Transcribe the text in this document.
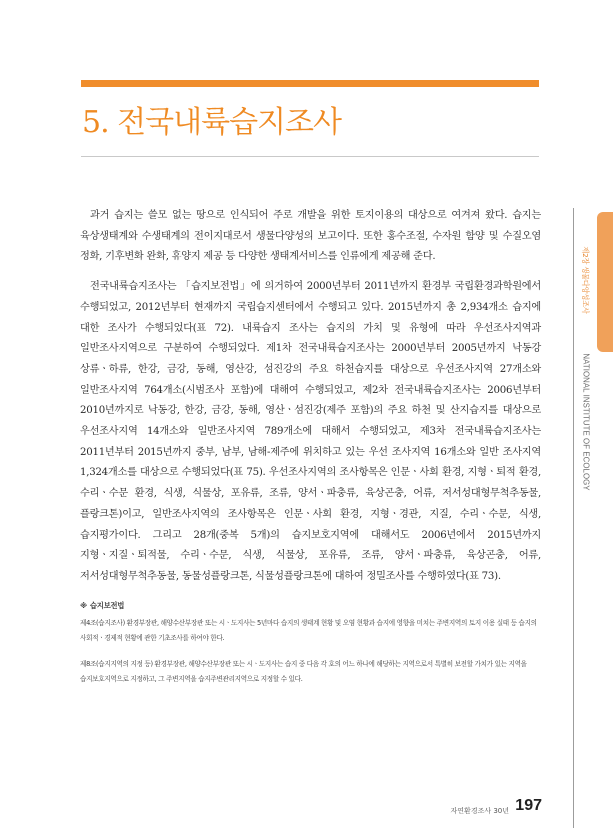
5. 전국내륙습지조사

과거 습지는 쓸모 없는 땅으로 인식되어 주로 개발을 위한 토지이용의 대상으로 여겨져 왔다. 습지는 육상생태계와 수생태계의 전이지대로서 생물다양성의 보고이다. 또한 홍수조절, 수자원 함양 및 수질오염 정화, 기후변화 완화, 휴양지 제공 등 다양한 생태계서비스를 인류에게 제공해 준다.

전국내륙습지조사는 「습지보전법」에 의거하여 2000년부터 2011년까지 환경부 국립환경과학원에서 수행되었고, 2012년부터 현재까지 국립습지센터에서 수행되고 있다. 2015년까지 총 2,934개소 습지에 대한 조사가 수행되었다(표 72). 내륙습지 조사는 습지의 가치 및 유형에 따라 우선조사지역과 일반조사지역으로 구분하여 수행되었다. 제1차 전국내륙습지조사는 2000년부터 2005년까지 낙동강 상류ㆍ하류, 한강, 금강, 동해, 영산강, 섬진강의 주요 하천습지를 대상으로 우선조사지역 27개소와 일반조사지역 764개소(시범조사 포함)에 대해여 수행되었고, 제2차 전국내륙습지조사는 2006년부터 2010년까지로 낙동강, 한강, 금강, 동해, 영산ㆍ섬진강(제주 포함)의 주요 하천 및 산지습지를 대상으로 우선조사지역 14개소와 일반조사지역 789개소에 대해서 수행되었고, 제3차 전국내륙습지조사는 2011년부터 2015년까지 중부, 남부, 남해-제주에 위치하고 있는 우선 조사지역 16개소와 일반 조사지역 1,324개소를 대상으로 수행되었다(표 75). 우선조사지역의 조사항목은 인문ㆍ사회 환경, 지형ㆍ퇴적 환경, 수리ㆍ수문 환경, 식생, 식물상, 포유류, 조류, 양서ㆍ파충류, 육상곤충, 어류, 저서성대형무척추동물, 플랑크톤)이고, 일반조사지역의 조사항목은 인문ㆍ사회 환경, 지형ㆍ경관, 지질, 수리ㆍ수문, 식생, 습지평가이다. 그리고 28개(중복 5개)의 습지보호지역에 대해서도 2006년에서 2015년까지 지형ㆍ지질ㆍ퇴적물, 수리ㆍ수문, 식생, 식물상, 포유류, 조류, 양서ㆍ파충류, 육상곤충, 어류, 저서성대형무척추동물, 동물성플랑크톤, 식물성플랑크톤에 대하여 정밀조사를 수행하였다(표 73).

※ 습지보전법

제4조(습지조사) 환경부장관, 해양수산부장관 또는 시ㆍ도지사는 5년마다 습지의 생태계 현황 및 오염 현황과 습지에 영향을 미치는 주변지역의 토지 이용 실태 등 습지의 사회적ㆍ경제적 현황에 관한 기초조사를 하여야 한다.

제8조(습지지역의 지정 등) 환경부장관, 해양수산부장관 또는 시ㆍ도지사는 습지 중 다음 각 호의 어느 하나에 해당하는 지역으로서 특별히 보전할 가치가 있는 지역을 습지보호지역으로 지정하고, 그 주변지역을 습지주변관리지역으로 지정할 수 있다.

제2장 생물다양성조사
NATIONAL INSTITUTE OF ECOLOGY
자연환경조사 30년 197
